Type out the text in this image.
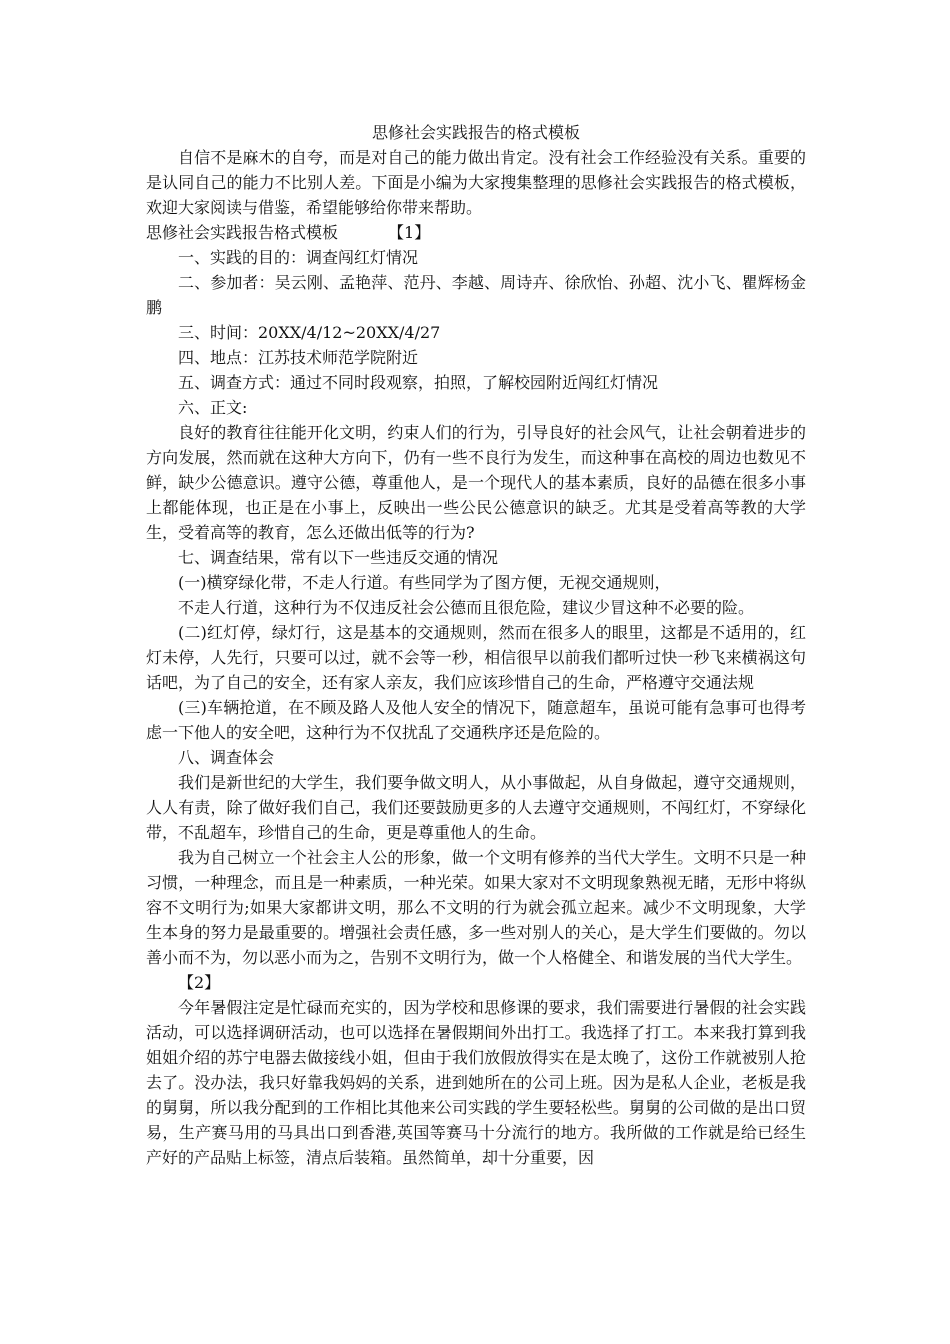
思修社会实践报告的格式模板

自信不是麻木的自夸，而是对自己的能力做出肯定。没有社会工作经验没有关系。重要的是认同自己的能力不比别人差。下面是小编为大家搜集整理的思修社会实践报告的格式模板，欢迎大家阅读与借鉴，希望能够给你带来帮助。

思修社会实践报告格式模板	【1】

一、实践的目的：调查闯红灯情况

二、参加者：吴云刚、孟艳萍、范丹、李越、周诗卉、徐欣怡、孙超、沈小飞、瞿辉杨金鹏

三、时间：20XX/4/12~20XX/4/27

四、地点：江苏技术师范学院附近

五、调查方式：通过不同时段观察，拍照，了解校园附近闯红灯情况

六、正文:

良好的教育往往能开化文明，约束人们的行为，引导良好的社会风气，让社会朝着进步的方向发展，然而就在这种大方向下，仍有一些不良行为发生，而这种事在高校的周边也数见不鲜，缺少公德意识。遵守公德，尊重他人，是一个现代人的基本素质，良好的品德在很多小事上都能体现，也正是在小事上，反映出一些公民公德意识的缺乏。尤其是受着高等教的大学生，受着高等的教育，怎么还做出低等的行为?

七、调查结果，常有以下一些违反交通的情况

(一)横穿绿化带，不走人行道。有些同学为了图方便，无视交通规则，

不走人行道，这种行为不仅违反社会公德而且很危险，建议少冒这种不必要的险。

(二)红灯停，绿灯行，这是基本的交通规则，然而在很多人的眼里，这都是不适用的，红灯未停，人先行，只要可以过，就不会等一秒，相信很早以前我们都听过快一秒飞来横祸这句话吧，为了自己的安全，还有家人亲友，我们应该珍惜自己的生命，严格遵守交通法规

(三)车辆抢道，在不顾及路人及他人安全的情况下，随意超车，虽说可能有急事可也得考虑一下他人的安全吧，这种行为不仅扰乱了交通秩序还是危险的。

八、调查体会

我们是新世纪的大学生，我们要争做文明人，从小事做起，从自身做起，遵守交通规则，人人有责，除了做好我们自己，我们还要鼓励更多的人去遵守交通规则，不闯红灯，不穿绿化带，不乱超车，珍惜自己的生命，更是尊重他人的生命。

我为自己树立一个社会主人公的形象，做一个文明有修养的当代大学生。文明不只是一种习惯，一种理念，而且是一种素质，一种光荣。如果大家对不文明现象熟视无睹，无形中将纵容不文明行为;如果大家都讲文明，那么不文明的行为就会孤立起来。减少不文明现象，大学生本身的努力是最重要的。增强社会责任感，多一些对别人的关心，是大学生们要做的。勿以善小而不为，勿以恶小而为之，告别不文明行为，做一个人格健全、和谐发展的当代大学生。

【2】

今年暑假注定是忙碌而充实的，因为学校和思修课的要求，我们需要进行暑假的社会实践活动，可以选择调研活动，也可以选择在暑假期间外出打工。我选择了打工。本来我打算到我姐姐介绍的苏宁电器去做接线小姐，但由于我们放假放得实在是太晚了，这份工作就被别人抢去了。没办法，我只好靠我妈妈的关系，进到她所在的公司上班。因为是私人企业，老板是我的舅舅，所以我分配到的工作相比其他来公司实践的学生要轻松些。舅舅的公司做的是出口贸易，生产赛马用的马具出口到香港,英国等赛马十分流行的地方。我所做的工作就是给已经生产好的产品贴上标签，清点后装箱。虽然简单，却十分重要，因
